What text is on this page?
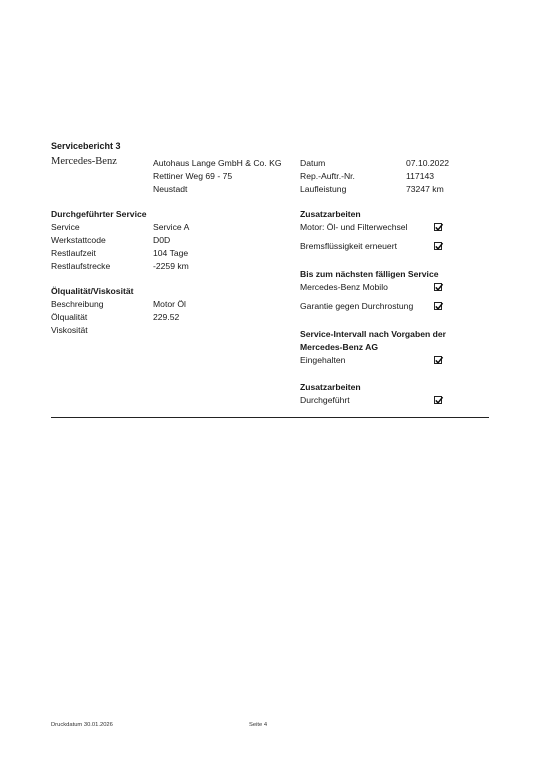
Servicebericht 3
Mercedes-Benz	Autohaus Lange GmbH & Co. KG
Rettiner Weg 69 - 75
Neustadt
Datum	07.10.2022
Rep.-Auftr.-Nr.	117143
Laufleistung	73247 km
Durchgeführter Service
Service	Service A
Werkstattcode	D0D
Restlaufzeit	104 Tage
Restlaufstrecke	-2259 km
Ölqualität/Viskosität
Beschreibung	Motor Öl
Ölqualität	229.52
Viskosität
Zusatzarbeiten
Motor: Öl- und Filterwechsel
Bremsflüssigkeit erneuert
Bis zum nächsten fälligen Service
Mercedes-Benz Mobilo
Garantie gegen Durchrostung
Service-Intervall nach Vorgaben der
Mercedes-Benz AG
Eingehalten
Zusatzarbeiten
Durchgeführt
Druckdatum 30.01.2026	Seite 4
